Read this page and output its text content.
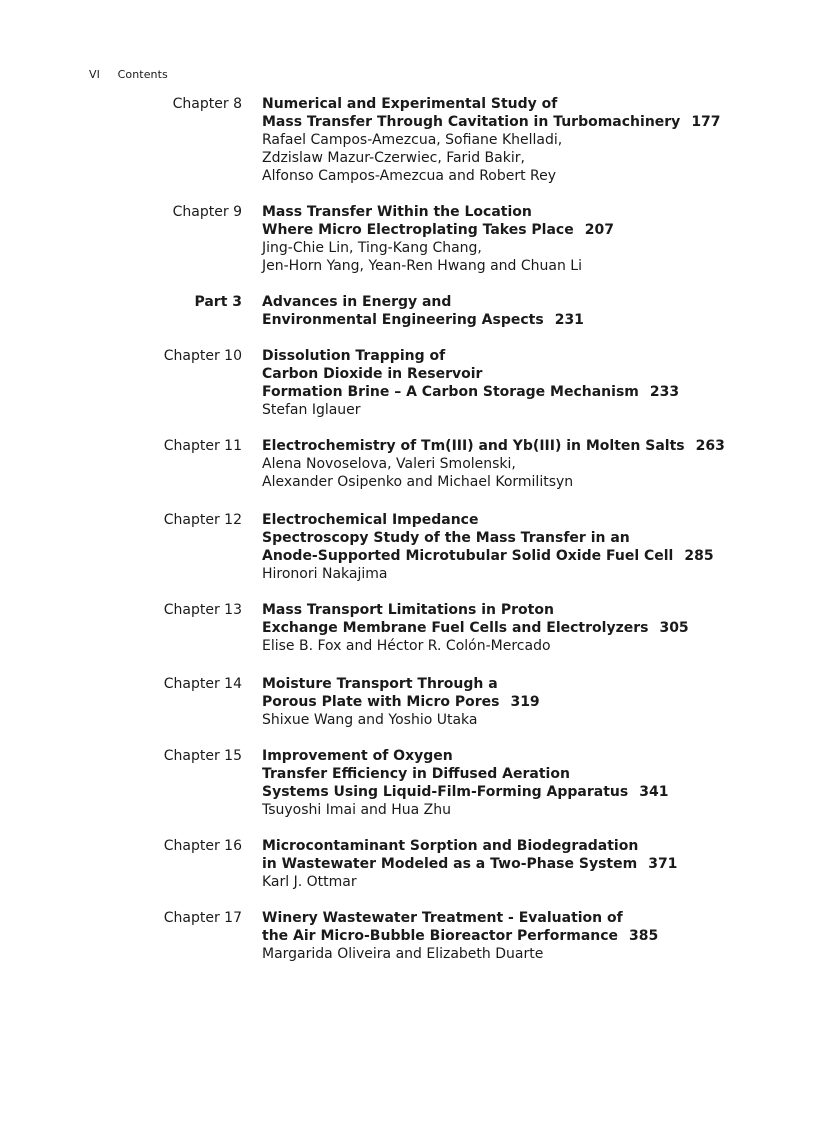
VI Contents
Chapter 8 Numerical and Experimental Study of
Mass Transfer Through Cavitation in Turbomachinery 177
Rafael Campos-Amezcua, Sofiane Khelladi,
Zdzislaw Mazur-Czerwiec, Farid Bakir,
Alfonso Campos-Amezcua and Robert Rey
Chapter 9 Mass Transfer Within the Location
Where Micro Electroplating Takes Place 207
Jing-Chie Lin, Ting-Kang Chang,
Jen-Horn Yang, Yean-Ren Hwang and Chuan Li
Part 3 Advances in Energy and
Environmental Engineering Aspects 231
Chapter 10 Dissolution Trapping of
Carbon Dioxide in Reservoir
Formation Brine – A Carbon Storage Mechanism 233
Stefan Iglauer
Chapter 11 Electrochemistry of Tm(III) and Yb(III) in Molten Salts 263
Alena Novoselova, Valeri Smolenski,
Alexander Osipenko and Michael Kormilitsyn
Chapter 12 Electrochemical Impedance
Spectroscopy Study of the Mass Transfer in an
Anode-Supported Microtubular Solid Oxide Fuel Cell 285
Hironori Nakajima
Chapter 13 Mass Transport Limitations in Proton
Exchange Membrane Fuel Cells and Electrolyzers 305
Elise B. Fox and Héctor R. Colón-Mercado
Chapter 14 Moisture Transport Through a
Porous Plate with Micro Pores 319
Shixue Wang and Yoshio Utaka
Chapter 15 Improvement of Oxygen
Transfer Efficiency in Diffused Aeration
Systems Using Liquid-Film-Forming Apparatus 341
Tsuyoshi Imai and Hua Zhu
Chapter 16 Microcontaminant Sorption and Biodegradation
in Wastewater Modeled as a Two-Phase System 371
Karl J. Ottmar
Chapter 17 Winery Wastewater Treatment - Evaluation of
the Air Micro-Bubble Bioreactor Performance 385
Margarida Oliveira and Elizabeth Duarte
